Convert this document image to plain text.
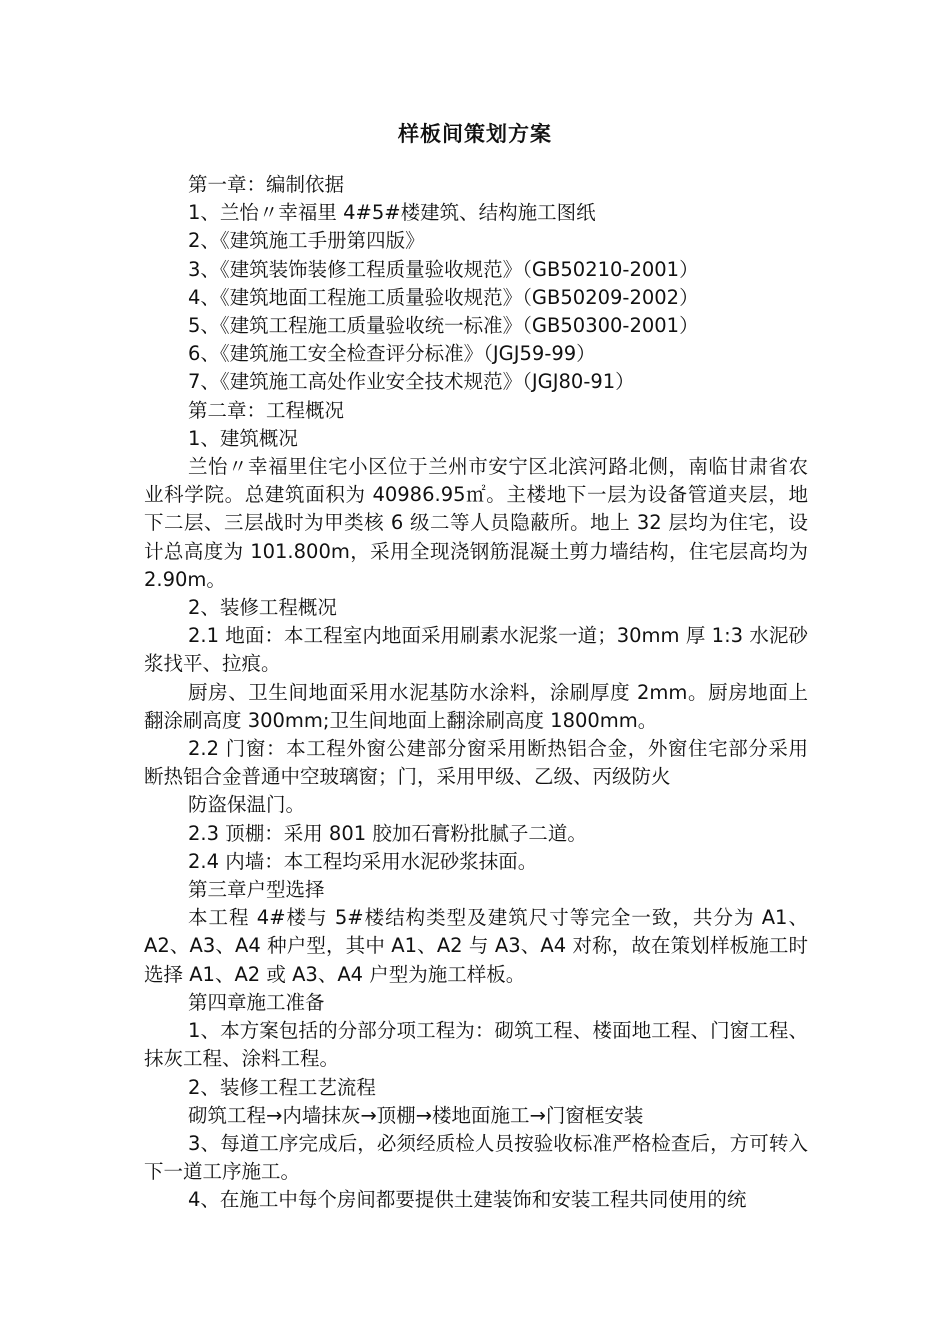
样板间策划方案
第一章：编制依据
1、兰怡〃幸福里 4#5#楼建筑、结构施工图纸
2、《建筑施工手册第四版》
3、《建筑装饰装修工程质量验收规范》（GB50210-2001）
4、《建筑地面工程施工质量验收规范》（GB50209-2002）
5、《建筑工程施工质量验收统一标准》（GB50300-2001）
6、《建筑施工安全检查评分标准》（JGJ59-99）
7、《建筑施工高处作业安全技术规范》（JGJ80-91）
第二章：工程概况
1、建筑概况
兰怡〃幸福里住宅小区位于兰州市安宁区北滨河路北侧，南临甘肃省农业科学院。总建筑面积为 40986.95㎡。主楼地下一层为设备管道夹层，地下二层、三层战时为甲类核 6 级二等人员隐蔽所。地上 32 层均为住宅，设计总高度为 101.800m，采用全现浇钢筋混凝土剪力墙结构，住宅层高均为 2.90m。
2、装修工程概况
2.1 地面：本工程室内地面采用刷素水泥浆一道；30mm 厚 1:3 水泥砂浆找平、拉痕。
厨房、卫生间地面采用水泥基防水涂料，涂刷厚度 2mm。厨房地面上翻涂刷高度 300mm;卫生间地面上翻涂刷高度 1800mm。
2.2 门窗：本工程外窗公建部分窗采用断热铝合金，外窗住宅部分采用断热铝合金普通中空玻璃窗；门，采用甲级、乙级、丙级防火
防盗保温门。
2.3 顶棚：采用 801 胶加石膏粉批腻子二道。
2.4 内墙：本工程均采用水泥砂浆抹面。
第三章户型选择
本工程 4#楼与 5#楼结构类型及建筑尺寸等完全一致，共分为 A1、A2、A3、A4 种户型，其中 A1、A2 与 A3、A4 对称，故在策划样板施工时选择 A1、A2 或 A3、A4 户型为施工样板。
第四章施工准备
1、本方案包括的分部分项工程为：砌筑工程、楼面地工程、门窗工程、抹灰工程、涂料工程。
2、装修工程工艺流程
砌筑工程→内墙抹灰→顶棚→楼地面施工→门窗框安装
3、每道工序完成后，必须经质检人员按验收标准严格检查后，方可转入下一道工序施工。
4、在施工中每个房间都要提供土建装饰和安装工程共同使用的统
